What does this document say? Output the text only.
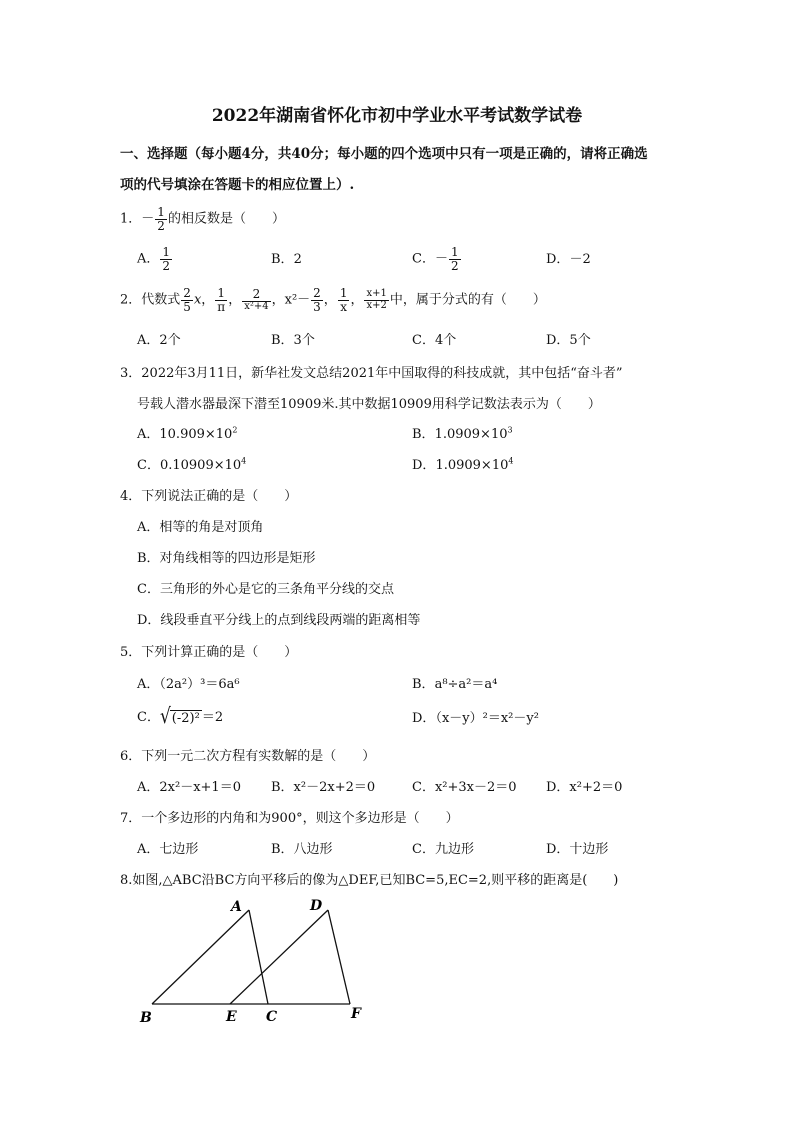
2022年湖南省怀化市初中学业水平考试数学试卷
一、选择题（每小题4分，共40分；每小题的四个选项中只有一项是正确的，请将正确选
项的代号填涂在答题卡的相应位置上）.
1．－ $\frac{1}{2}$ 的相反数是（　　）
A． $\frac{1}{2}$	B．2	C．－ $\frac{1}{2}$	D．－2
2．代数式 $\frac{2}{5}$ x， $\frac{1}{\pi}$ ， $\frac{2}{\text{x²+4}}$ ，$x^2- \frac{2}{3}$ ， $\frac{1}{x}$ ， $\frac{x+1}{x+2}$ 中，属于分式的有（　　）
A．2个	B．3个	C．4个	D．5个
3．2022年3月11日，新华社发文总结2021年中国取得的科技成就，其中包括“奋斗者”
号载人潜水器最深下潜至10909米.其中数据10909用科学记数法表示为（　　）
A．$10.909\times 10^2$	B．$1.0909\times 10^3$
C．$0.10909\times 10^4$	D．$1.0909\times 10^4$
4．下列说法正确的是（　　）
A．相等的角是对顶角
B．对角线相等的四边形是矩形
C．三角形的外心是它的三条角平分线的交点
D．线段垂直平分线上的点到线段两端的距离相等
5．下列计算正确的是（　　）
A．（2a²）³＝6a⁶	B．a⁸÷a²＝a⁴
C．√(-2)² ＝2	D．（x－y）²＝x²－y²
6．下列一元二次方程有实数解的是（　　）
A．2x²－x+1＝0 B．x²－2x+2＝0	C．x²+3x－2＝0 D．x²+2＝0
7．一个多边形的内角和为900°，则这个多边形是（　　）
A．七边形	B．八边形	C．九边形	D．十边形
8.如图,△ABC沿BC方向平移后的像为△DEF,已知BC=5,EC=2,则平移的距离是(　　)
A	D
B	E C	F
